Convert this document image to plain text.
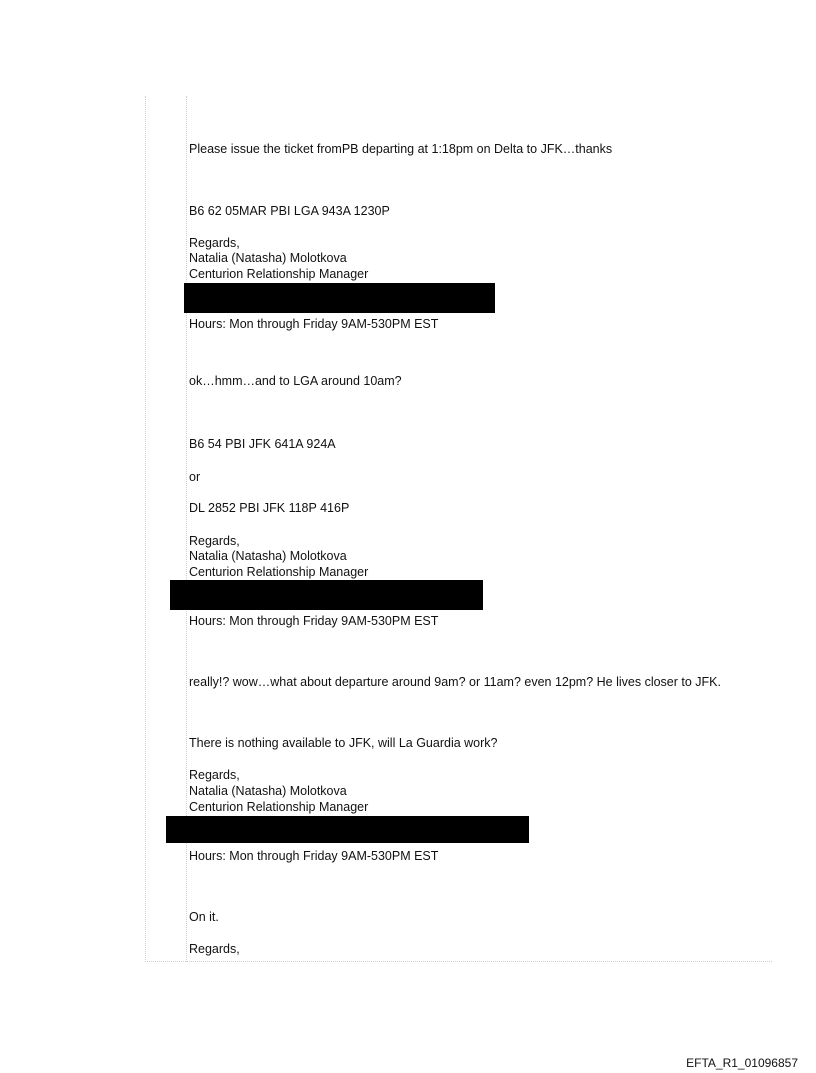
Please issue the ticket fromPB departing at 1:18pm on Delta to JFK…thanks

B6 62 05MAR PBI LGA 943A 1230P

Regards,

Natalia (Natasha) Molotkova

Centurion Relationship Manager

Hours: Mon through Friday 9AM-530PM EST

ok…hmm…and to LGA around 10am?

B6 54 PBI JFK 641A 924A

or

DL 2852 PBI JFK 118P 416P

Regards,

Natalia (Natasha) Molotkova

Centurion Relationship Manager

Hours: Mon through Friday 9AM-530PM EST

really!? wow…what about departure around 9am? or 11am? even 12pm? He lives closer to JFK.

There is nothing available to JFK, will La Guardia work?

Regards,

Natalia (Natasha) Molotkova

Centurion Relationship Manager

Hours: Mon through Friday 9AM-530PM EST

On it.

Regards,

EFTA_R1_01096857
